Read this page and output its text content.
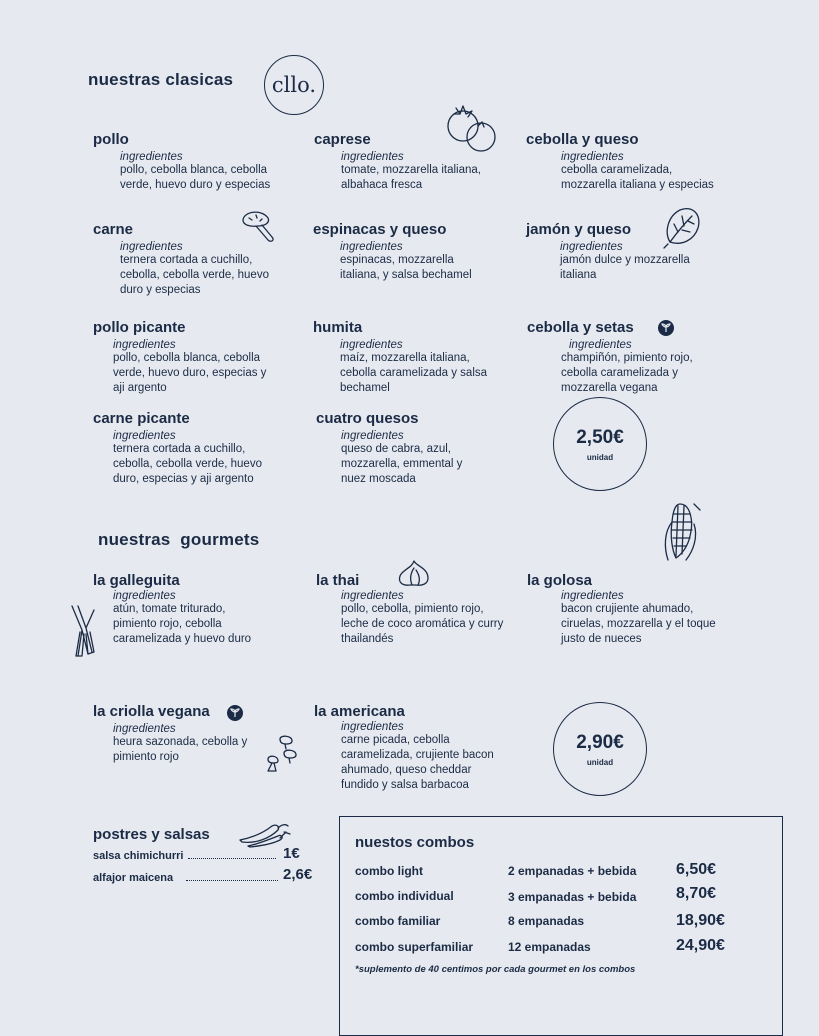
nuestras clasicas	cllo.
pollo
ingredientes
pollo, cebolla blanca, cebolla
verde, huevo duro y especias
carne
ingredientes
ternera cortada a cuchillo,
cebolla, cebolla verde, huevo
duro y especias
pollo picante
ingredientes
pollo, cebolla blanca, cebolla
verde, huevo duro, especias y
aji argento
carne picante
ingredientes
ternera cortada a cuchillo,
cebolla, cebolla verde, huevo
duro, especias y aji argento
caprese
ingredientes
tomate, mozzarella italiana,
albahaca fresca
espinacas y queso
ingredientes
espinacas, mozzarella
italiana, y salsa bechamel
humita
ingredientes
maíz, mozzarella italiana,
cebolla caramelizada y salsa
bechamel
cuatro quesos
ingredientes
queso de cabra, azul,
mozzarella, emmental y
nuez moscada
cebolla y queso
ingredientes
cebolla caramelizada,
mozzarella italiana y especias
jamón y queso
ingredientes
jamón dulce y mozzarella
italiana
cebolla y setas
ingredientes
champiñón, pimiento rojo,
cebolla caramelizada y
mozzarella vegana
2,50€
unidad
nuestras  gourmets
la galleguita
ingredientes
atún, tomate triturado,
pimiento rojo, cebolla
caramelizada y huevo duro
la thai
ingredientes
pollo, cebolla, pimiento rojo,
leche de coco aromática y curry
thailandés
la golosa
ingredientes
bacon crujiente ahumado,
ciruelas, mozzarella y el toque
justo de nueces
la criolla vegana
ingredientes
heura sazonada, cebolla y
pimiento rojo
la americana
ingredientes
carne picada, cebolla
caramelizada, crujiente bacon
ahumado, queso cheddar
fundido y salsa barbacoa
2,90€
unidad
postres y salsas
salsa chimichurri	1€
alfajor maicena	2,6€
nuestos combos
combo light	2 empanadas + bebida 6,50€
combo individual	3 empanadas + bebida 8,70€
combo familiar	8 empanadas	18,90€
combo superfamiliar	12 empanadas	24,90€
*suplemento de 40 centimos por cada gourmet en los combos
